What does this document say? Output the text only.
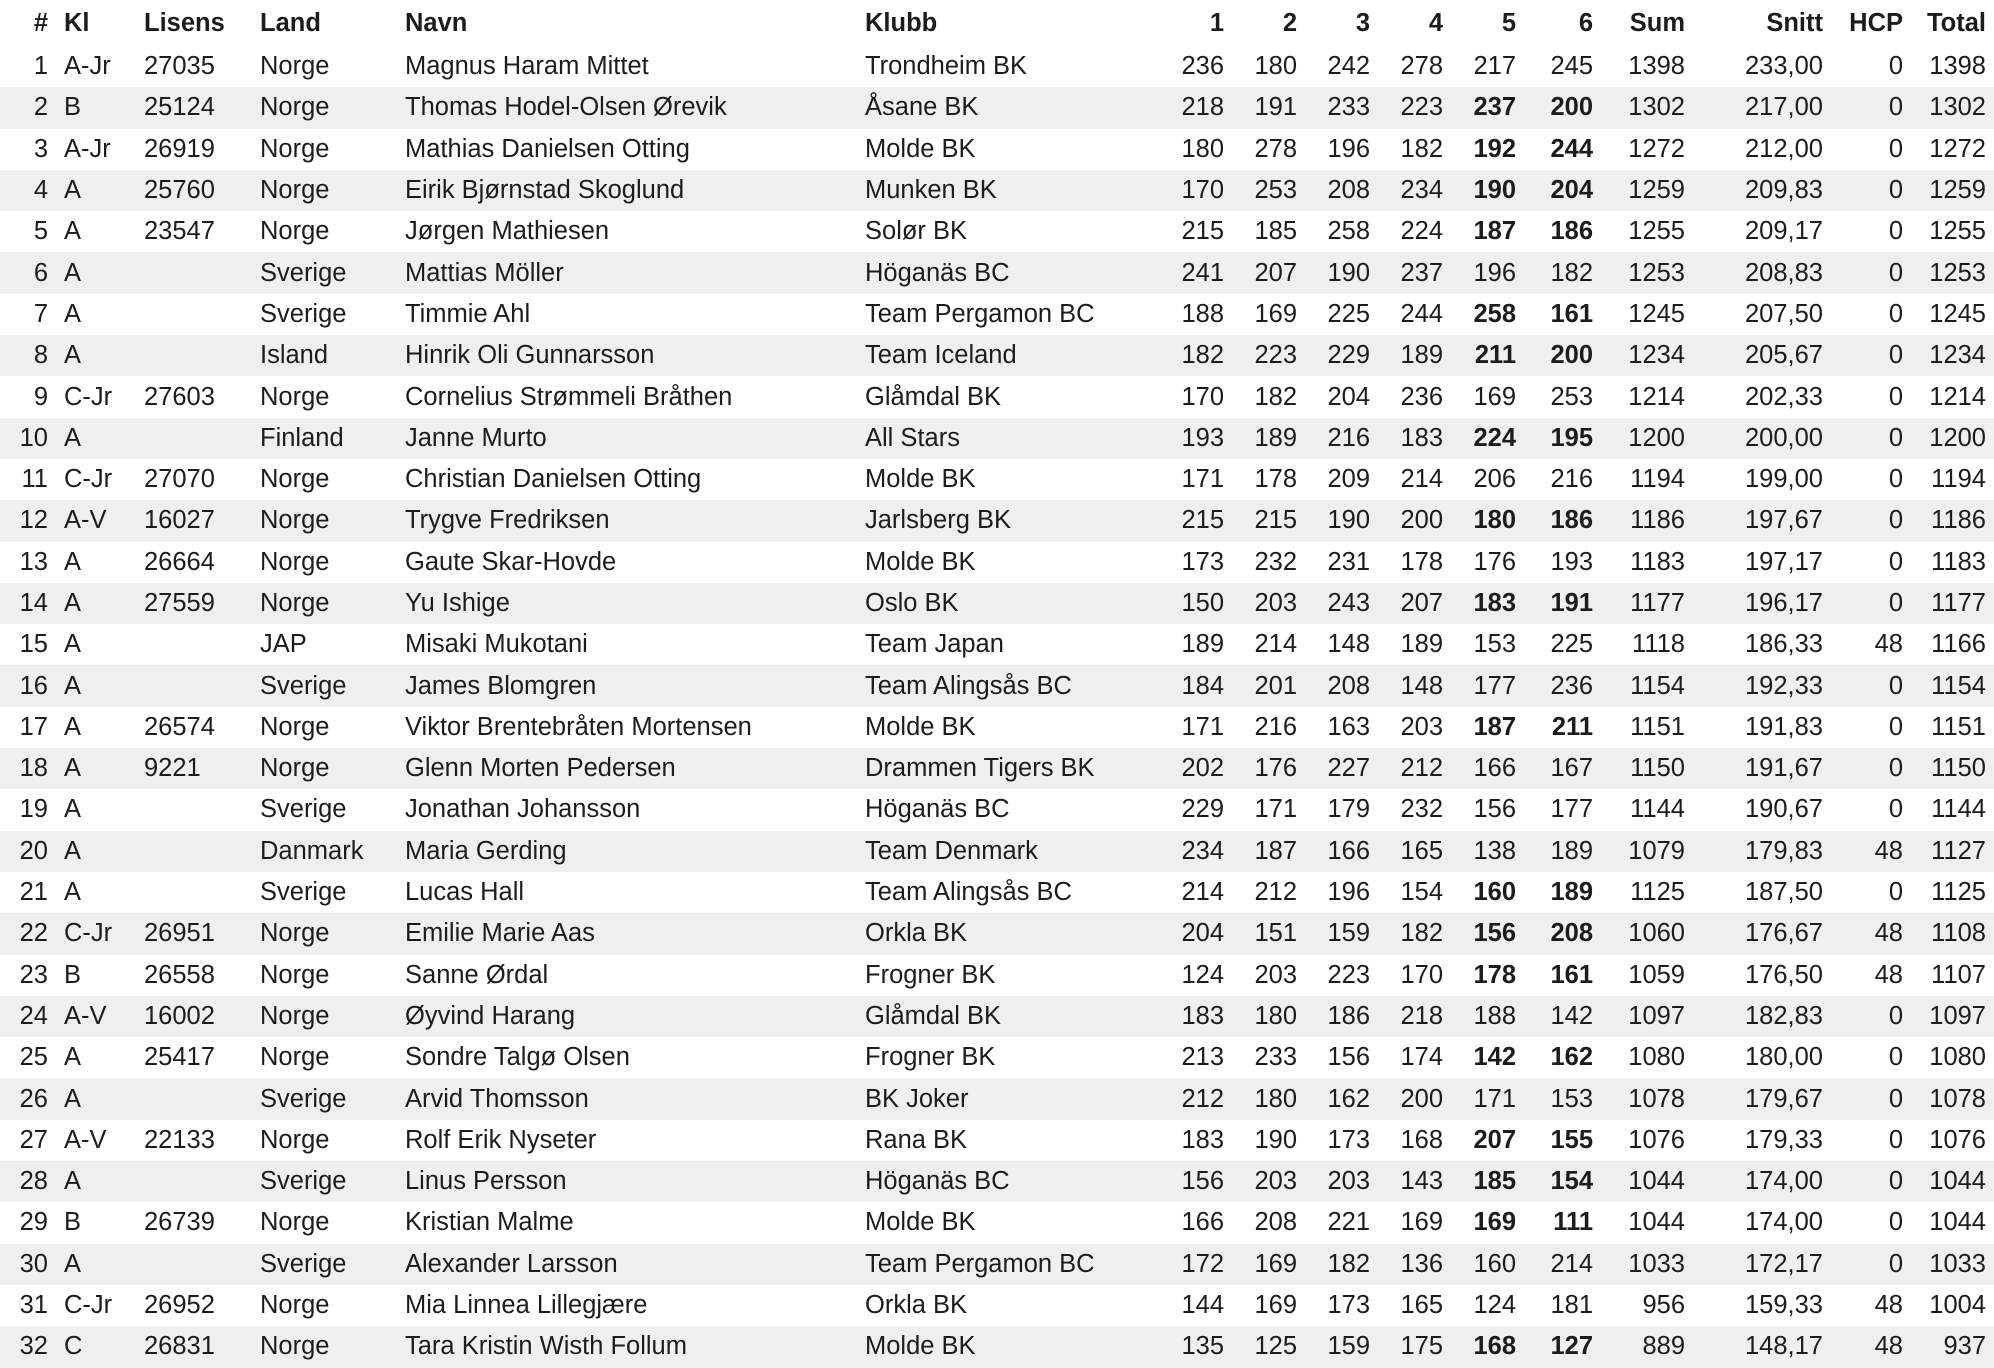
#	Kl	Lisens	Land	Navn	Klubb	1	2	3	4	5	6	Sum	Snitt	HCP	Total
1	A-Jr	27035	Norge	Magnus Haram Mittet	Trondheim BK	236	180	242	278	217	245	1398	233,00	0	1398
2	B	25124	Norge	Thomas Hodel-Olsen Ørevik	Åsane BK	218	191	233	223	237	200	1302	217,00	0	1302
3	A-Jr	26919	Norge	Mathias Danielsen Otting	Molde BK	180	278	196	182	192	244	1272	212,00	0	1272
4	A	25760	Norge	Eirik Bjørnstad Skoglund	Munken BK	170	253	208	234	190	204	1259	209,83	0	1259
5	A	23547	Norge	Jørgen Mathiesen	Solør BK	215	185	258	224	187	186	1255	209,17	0	1255
6	A		Sverige	Mattias Möller	Höganäs BC	241	207	190	237	196	182	1253	208,83	0	1253
7	A		Sverige	Timmie Ahl	Team Pergamon BC	188	169	225	244	258	161	1245	207,50	0	1245
8	A		Island	Hinrik Oli Gunnarsson	Team Iceland	182	223	229	189	211	200	1234	205,67	0	1234
9	C-Jr	27603	Norge	Cornelius Strømmeli Bråthen	Glåmdal BK	170	182	204	236	169	253	1214	202,33	0	1214
10	A		Finland	Janne Murto	All Stars	193	189	216	183	224	195	1200	200,00	0	1200
11	C-Jr	27070	Norge	Christian Danielsen Otting	Molde BK	171	178	209	214	206	216	1194	199,00	0	1194
12	A-V	16027	Norge	Trygve Fredriksen	Jarlsberg BK	215	215	190	200	180	186	1186	197,67	0	1186
13	A	26664	Norge	Gaute Skar-Hovde	Molde BK	173	232	231	178	176	193	1183	197,17	0	1183
14	A	27559	Norge	Yu Ishige	Oslo BK	150	203	243	207	183	191	1177	196,17	0	1177
15	A		JAP	Misaki Mukotani	Team Japan	189	214	148	189	153	225	1118	186,33	48	1166
16	A		Sverige	James Blomgren	Team Alingsås BC	184	201	208	148	177	236	1154	192,33	0	1154
17	A	26574	Norge	Viktor Brentebråten Mortensen	Molde BK	171	216	163	203	187	211	1151	191,83	0	1151
18	A	9221	Norge	Glenn Morten Pedersen	Drammen Tigers BK	202	176	227	212	166	167	1150	191,67	0	1150
19	A		Sverige	Jonathan Johansson	Höganäs BC	229	171	179	232	156	177	1144	190,67	0	1144
20	A		Danmark	Maria Gerding	Team Denmark	234	187	166	165	138	189	1079	179,83	48	1127
21	A		Sverige	Lucas Hall	Team Alingsås BC	214	212	196	154	160	189	1125	187,50	0	1125
22	C-Jr	26951	Norge	Emilie Marie Aas	Orkla BK	204	151	159	182	156	208	1060	176,67	48	1108
23	B	26558	Norge	Sanne Ørdal	Frogner BK	124	203	223	170	178	161	1059	176,50	48	1107
24	A-V	16002	Norge	Øyvind Harang	Glåmdal BK	183	180	186	218	188	142	1097	182,83	0	1097
25	A	25417	Norge	Sondre Talgø Olsen	Frogner BK	213	233	156	174	142	162	1080	180,00	0	1080
26	A		Sverige	Arvid Thomsson	BK Joker	212	180	162	200	171	153	1078	179,67	0	1078
27	A-V	22133	Norge	Rolf Erik Nyseter	Rana BK	183	190	173	168	207	155	1076	179,33	0	1076
28	A		Sverige	Linus Persson	Höganäs BC	156	203	203	143	185	154	1044	174,00	0	1044
29	B	26739	Norge	Kristian Malme	Molde BK	166	208	221	169	169	111	1044	174,00	0	1044
30	A		Sverige	Alexander Larsson	Team Pergamon BC	172	169	182	136	160	214	1033	172,17	0	1033
31	C-Jr	26952	Norge	Mia Linnea Lillegjære	Orkla BK	144	169	173	165	124	181	956	159,33	48	1004
32	C	26831	Norge	Tara Kristin Wisth Follum	Molde BK	135	125	159	175	168	127	889	148,17	48	937
